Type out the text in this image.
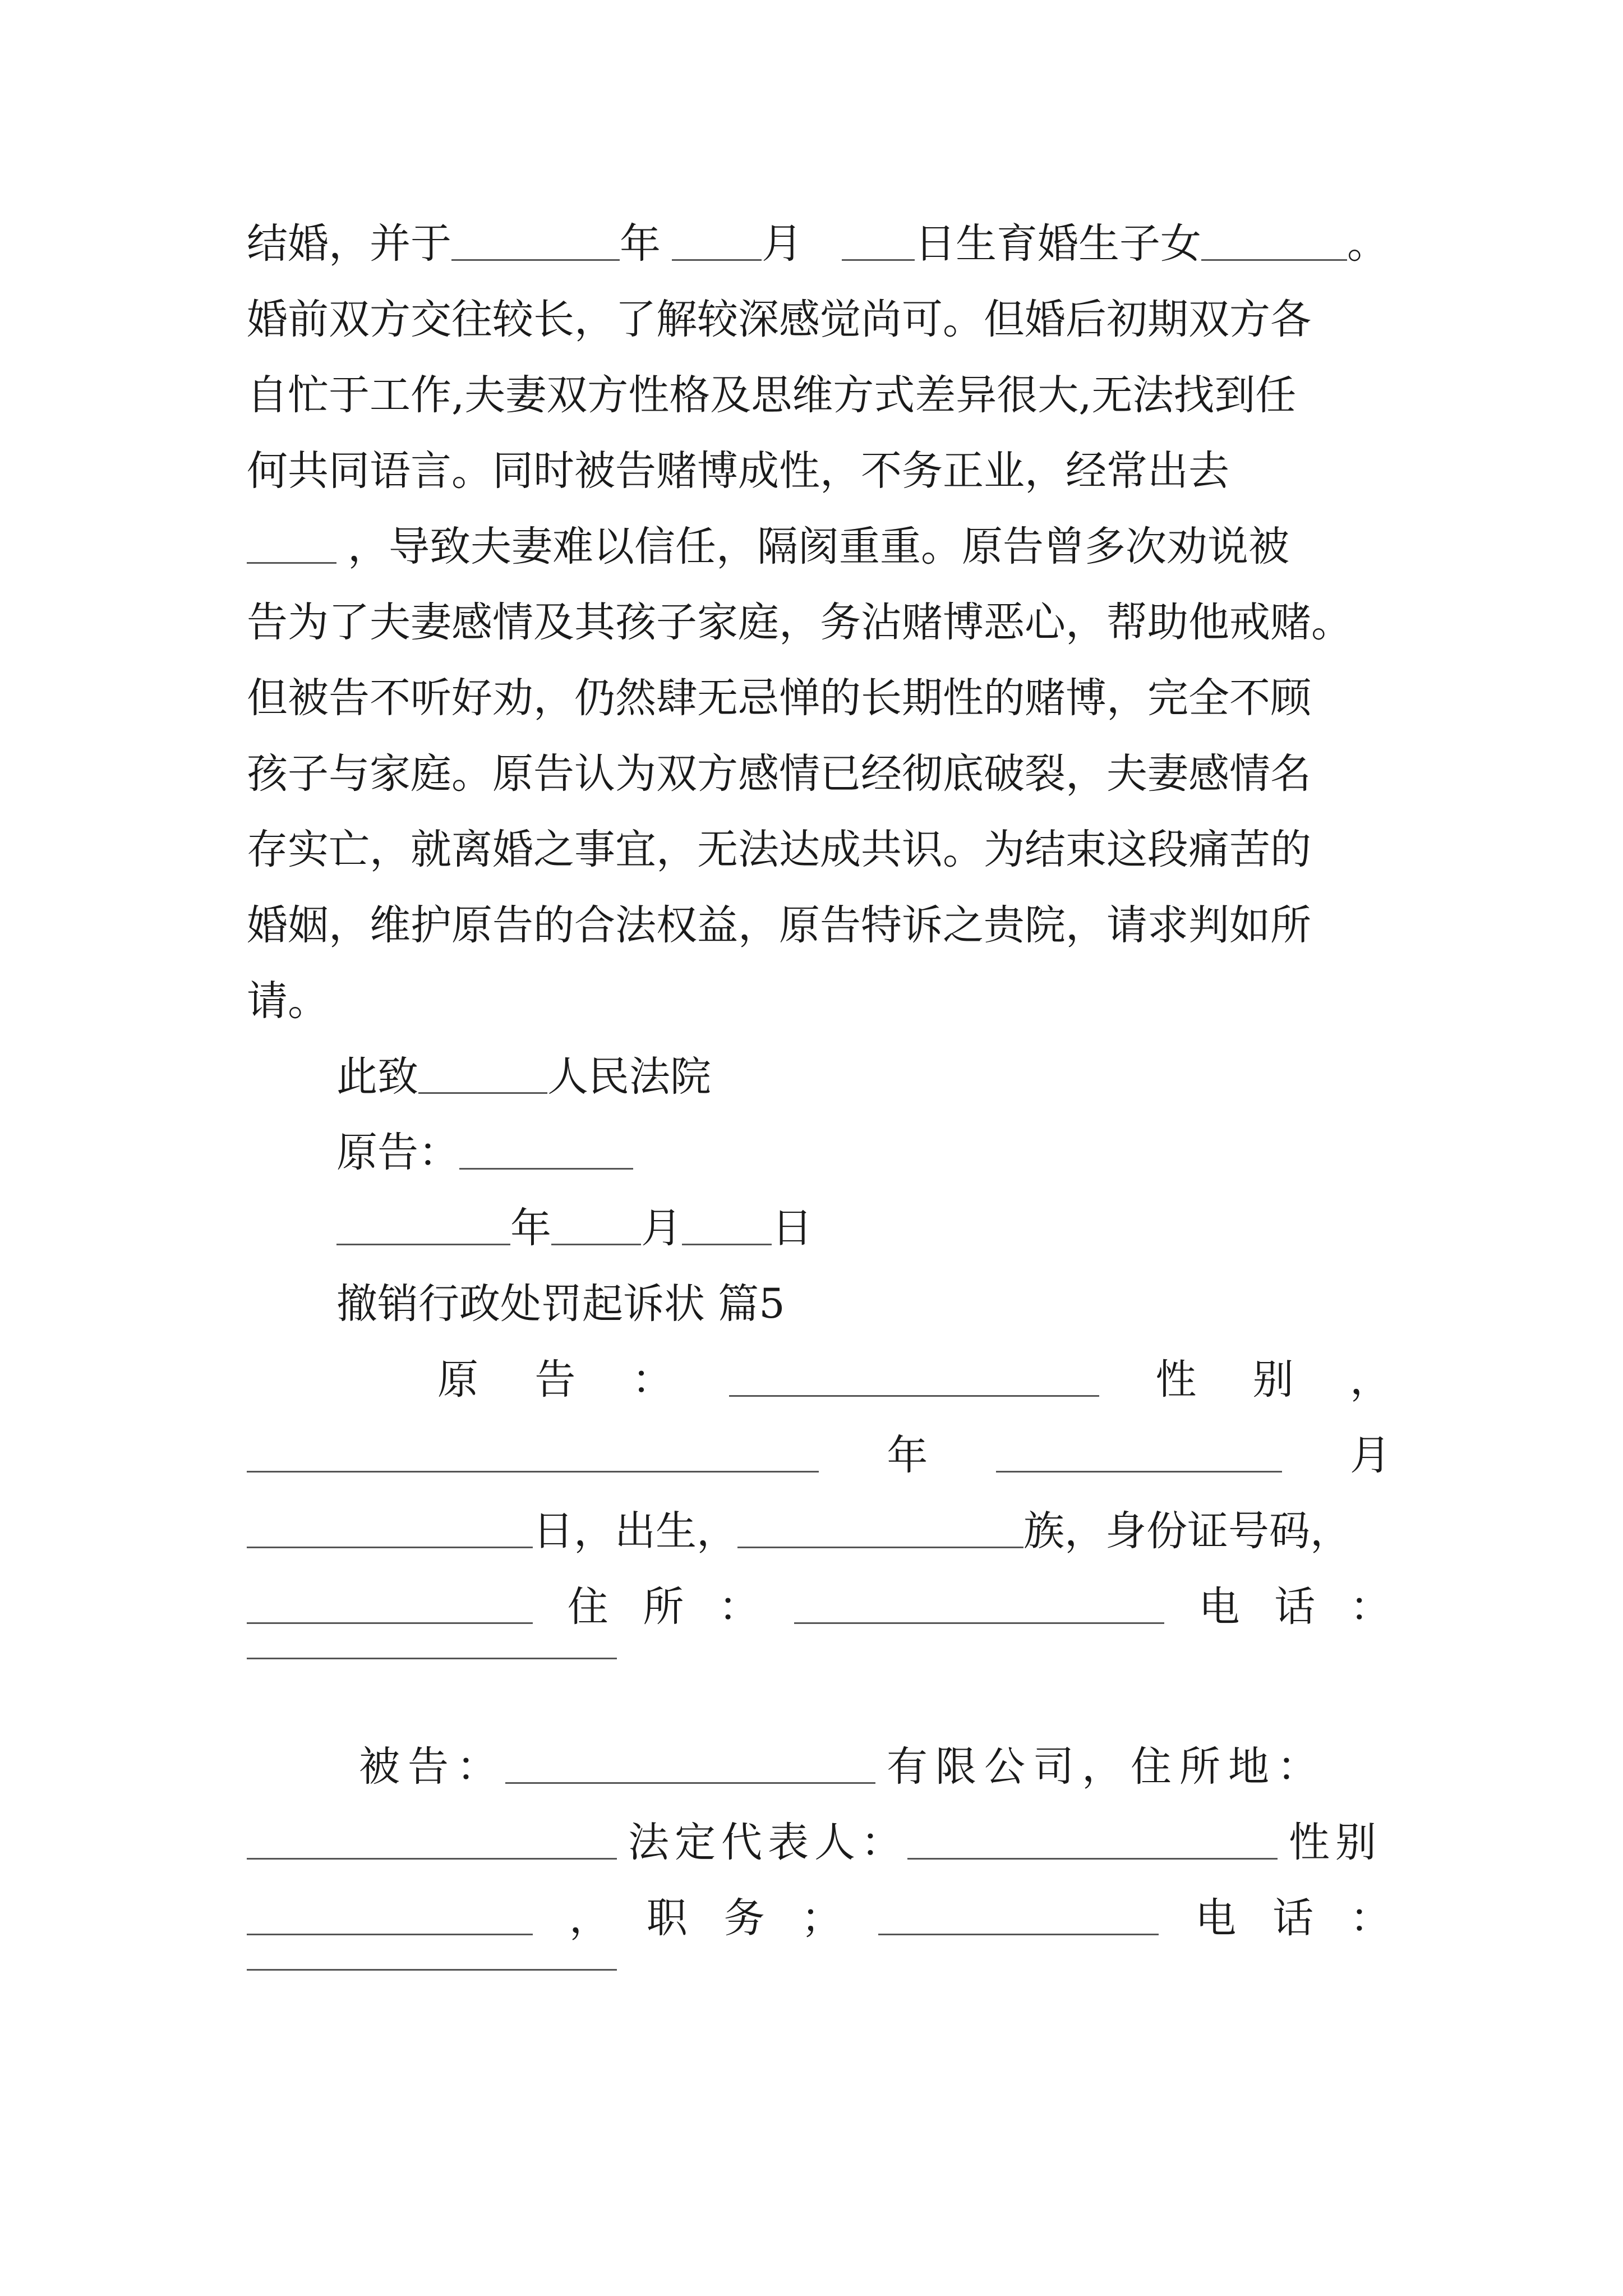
结婚，并于	年 月	日生育婚生子女	。
婚前双方交往较长，了解较深感觉尚可。但婚后初期双方各
自忙于工作,夫妻双方性格及思维方式差异很大,无法找到任
何共同语言。同时被告赌博成性，不务正业，经常出去
，导致夫妻难以信任，隔阂重重。原告曾多次劝说被
告为了夫妻感情及其孩子家庭，务沾赌博恶心，帮助他戒赌。
但被告不听好劝，仍然肆无忌惮的长期性的赌博，完全不顾
孩子与家庭。原告认为双方感情已经彻底破裂，夫妻感情名
存实亡，就离婚之事宜，无法达成共识。为结束这段痛苦的
婚姻，维护原告的合法权益，原告特诉之贵院，请求判如所
请。
此致	人民法院
原告：
年 月 日
撤销行政处罚起诉状 篇5
原 告 ：	性 别 ，
年	月
日，出生，	族，身份证号码，
住 所 ：	电 话 ：
被告：	有限公司，住所地：
法定代表人：	性别
， 职 务 ；	电 话 ：
